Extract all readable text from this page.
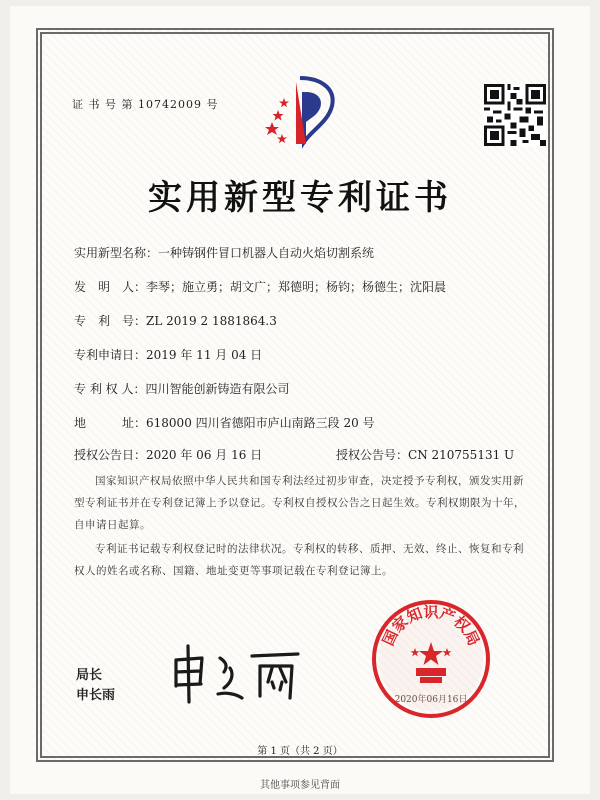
证 书 号 第 10742009 号
实用新型专利证书
实用新型名称：一种铸钢件冒口机器人自动火焰切割系统
发　明　人：李琴；施立勇；胡文广；郑德明；杨钧；杨德生；沈阳晨
专　利　号：ZL 2019 2 1881864.3
专利申请日：2019 年 11 月 04 日
专 利 权 人：四川智能创新铸造有限公司
地　　　址：618000 四川省德阳市庐山南路三段 20 号
授权公告日：2020 年 06 月 16 日	授权公告号：CN 210755131 U
国家知识产权局依照中华人民共和国专利法经过初步审查，决定授予专利权，颁发实用新型专利证书并在专利登记簿上予以登记。专利权自授权公告之日起生效。专利权期限为十年，自申请日起算。
专利证书记载专利权登记时的法律状况。专利权的转移、质押、无效、终止、恢复和专利权人的姓名或名称、国籍、地址变更等事项记载在专利登记簿上。
局长
申长雨
国家知识产权局
2020年06月16日
第 1 页（共 2 页）
其他事项参见背面
